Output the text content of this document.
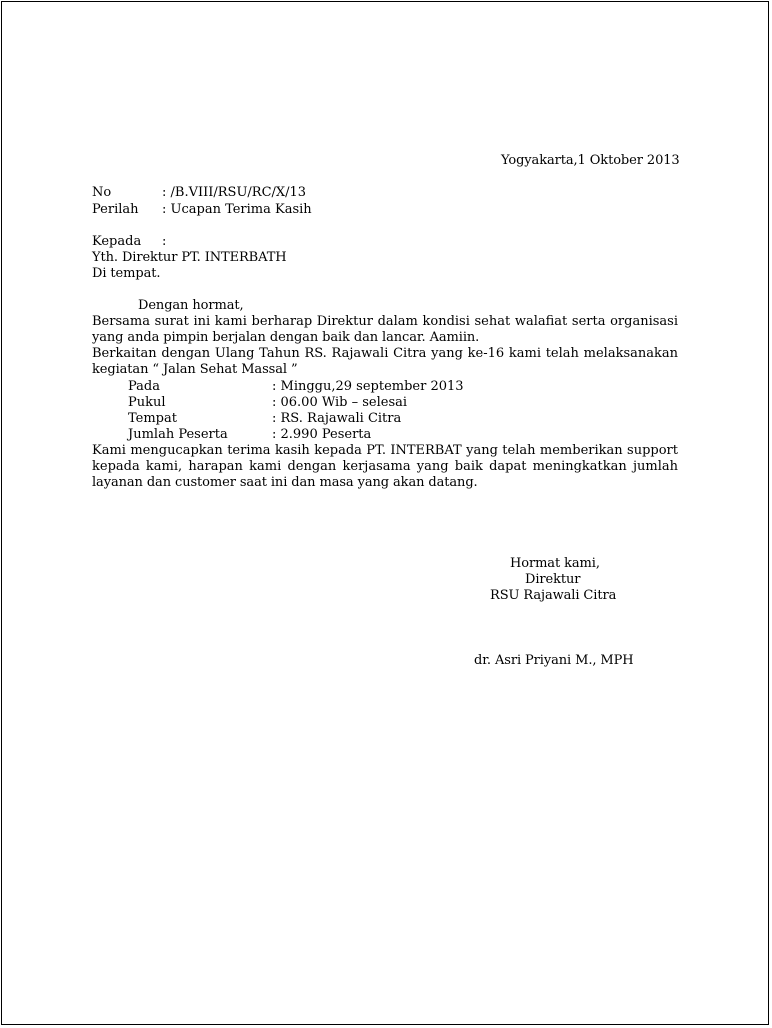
Yogyakarta,1 Oktober 2013
No	: /B.VIII/RSU/RC/X/13
Perilah : Ucapan Terima Kasih
Kepada :
Yth. Direktur PT. INTERBATH
Di tempat.
Dengan hormat,
Bersama surat ini kami berharap Direktur dalam kondisi sehat walafiat serta organisasi
yang anda pimpin berjalan dengan baik dan lancar. Aamiin.
Berkaitan dengan Ulang Tahun RS. Rajawali Citra yang ke-16 kami telah melaksanakan
kegiatan “ Jalan Sehat Massal ”
Pada	: Minggu,29 september 2013
Pukul	: 06.00 Wib – selesai
Tempat	: RS. Rajawali Citra
Jumlah Peserta	: 2.990 Peserta
Kami mengucapkan terima kasih kepada PT. INTERBAT yang telah memberikan support
kepada kami, harapan kami dengan kerjasama yang baik dapat meningkatkan jumlah
layanan dan customer saat ini dan masa yang akan datang.
Hormat kami,
Direktur
RSU Rajawali Citra
dr. Asri Priyani M., MPH
